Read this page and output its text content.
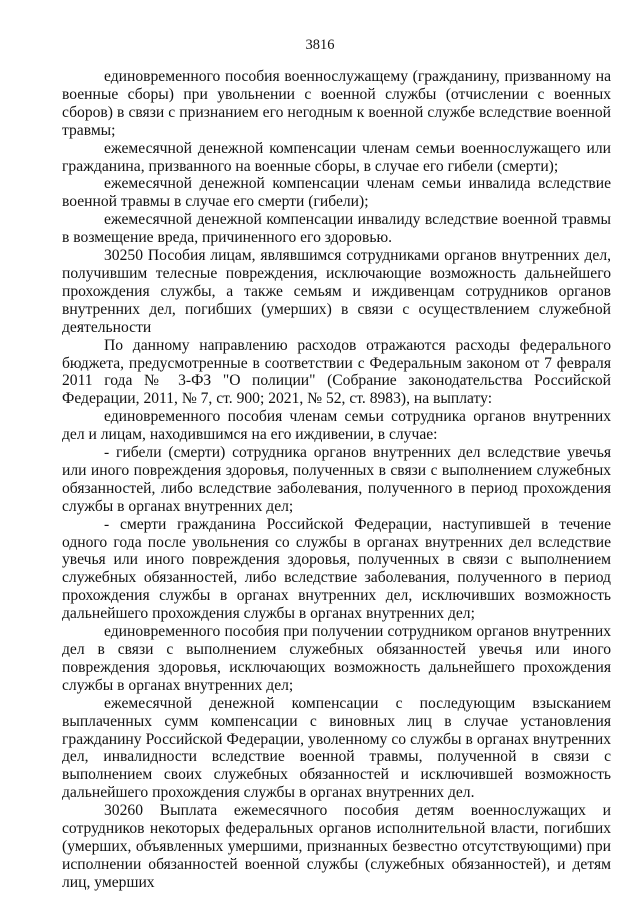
3816

единовременного пособия военнослужащему (гражданину, призванному на военные сборы) при увольнении с военной службы (отчислении с военных сборов) в связи с признанием его негодным к военной службе вследствие военной травмы;

ежемесячной денежной компенсации членам семьи военнослужащего или гражданина, призванного на военные сборы, в случае его гибели (смерти);

ежемесячной денежной компенсации членам семьи инвалида вследствие военной травмы в случае его смерти (гибели);

ежемесячной денежной компенсации инвалиду вследствие военной травмы в возмещение вреда, причиненного его здоровью.

30250 Пособия лицам, являвшимся сотрудниками органов внутренних дел, получившим телесные повреждения, исключающие возможность дальнейшего прохождения службы, а также семьям и иждивенцам сотрудников органов внутренних дел, погибших (умерших) в связи с осуществлением служебной деятельности

По данному направлению расходов отражаются расходы федерального бюджета, предусмотренные в соответствии с Федеральным законом от 7 февраля 2011 года № 3-ФЗ "О полиции" (Собрание законодательства Российской Федерации, 2011, № 7, ст. 900; 2021, № 52, ст. 8983), на выплату:

единовременного пособия членам семьи сотрудника органов внутренних дел и лицам, находившимся на его иждивении, в случае:

- гибели (смерти) сотрудника органов внутренних дел вследствие увечья или иного повреждения здоровья, полученных в связи с выполнением служебных обязанностей, либо вследствие заболевания, полученного в период прохождения службы в органах внутренних дел;

- смерти гражданина Российской Федерации, наступившей в течение одного года после увольнения со службы в органах внутренних дел вследствие увечья или иного повреждения здоровья, полученных в связи с выполнением служебных обязанностей, либо вследствие заболевания, полученного в период прохождения службы в органах внутренних дел, исключивших возможность дальнейшего прохождения службы в органах внутренних дел;

единовременного пособия при получении сотрудником органов внутренних дел в связи с выполнением служебных обязанностей увечья или иного повреждения здоровья, исключающих возможность дальнейшего прохождения службы в органах внутренних дел;

ежемесячной денежной компенсации с последующим взысканием выплаченных сумм компенсации с виновных лиц в случае установления гражданину Российской Федерации, уволенному со службы в органах внутренних дел, инвалидности вследствие военной травмы, полученной в связи с выполнением своих служебных обязанностей и исключившей возможность дальнейшего прохождения службы в органах внутренних дел.

30260 Выплата ежемесячного пособия детям военнослужащих и сотрудников некоторых федеральных органов исполнительной власти, погибших (умерших, объявленных умершими, признанных безвестно отсутствующими) при исполнении обязанностей военной службы (служебных обязанностей), и детям лиц, умерших
